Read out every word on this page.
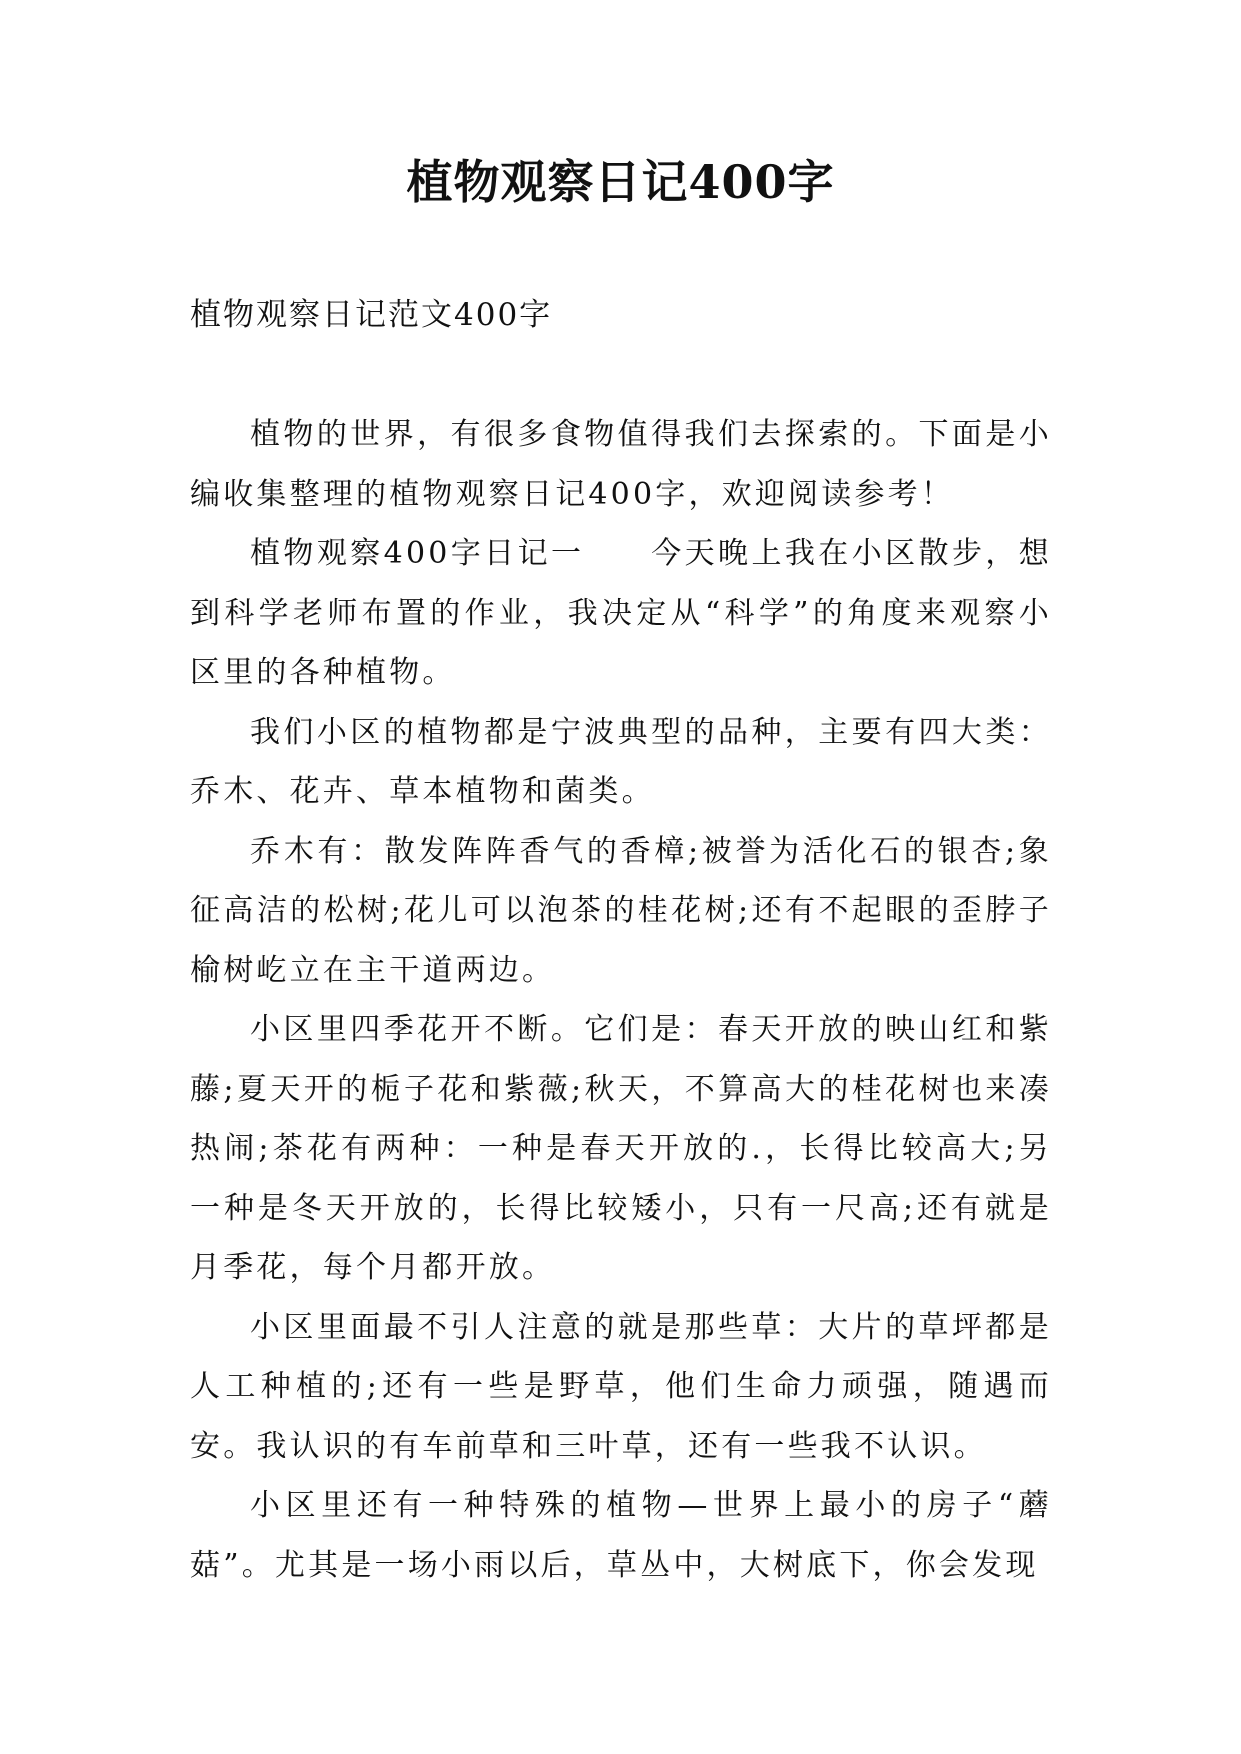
植物观察日记400字
植物观察日记范文400字

植物的世界，有很多食物值得我们去探索的。下面是小编收集整理的植物观察日记400字，欢迎阅读参考！

植物观察400字日记一　　今天晚上我在小区散步，想到科学老师布置的作业，我决定从“科学”的角度来观察小区里的各种植物。

我们小区的植物都是宁波典型的品种，主要有四大类：乔木、花卉、草本植物和菌类。

乔木有：散发阵阵香气的香樟;被誉为活化石的银杏;象征高洁的松树;花儿可以泡茶的桂花树;还有不起眼的歪脖子榆树屹立在主干道两边。

小区里四季花开不断。它们是：春天开放的映山红和紫藤;夏天开的栀子花和紫薇;秋天，不算高大的桂花树也来凑热闹;茶花有两种：一种是春天开放的.，长得比较高大;另一种是冬天开放的，长得比较矮小，只有一尺高;还有就是月季花，每个月都开放。

小区里面最不引人注意的就是那些草：大片的草坪都是人工种植的;还有一些是野草，他们生命力顽强，随遇而安。我认识的有车前草和三叶草，还有一些我不认识。

小区里还有一种特殊的植物—世界上最小的房子“蘑菇”。尤其是一场小雨以后，草丛中，大树底下，你会发现
